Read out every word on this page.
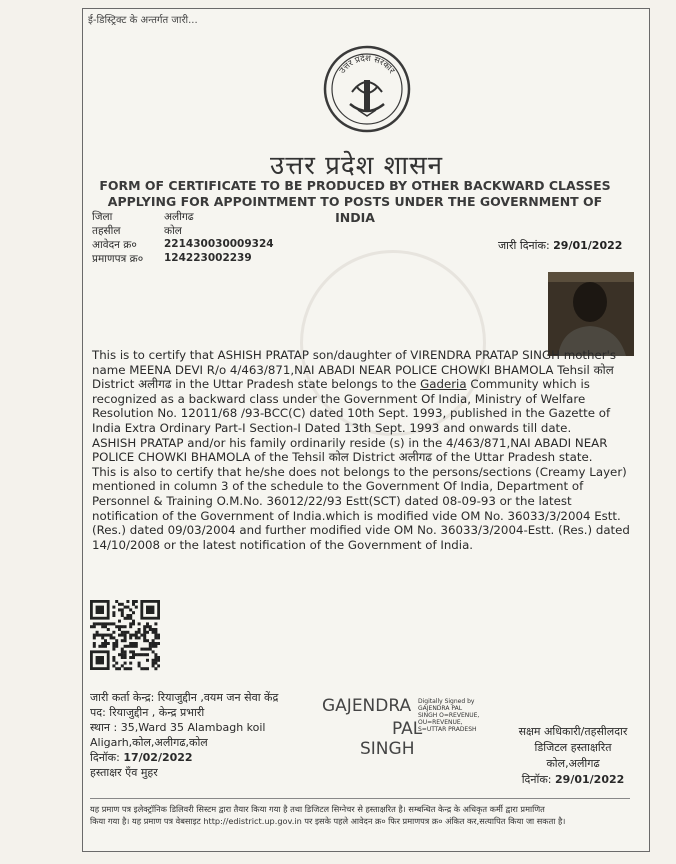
ई-डिस्ट्रिक्ट के अन्तर्गत जारी...
उत्तर प्रदेश सरकार
उत्तर प्रदेश शासन
FORM OF CERTIFICATE TO BE PRODUCED BY OTHER BACKWARD CLASSES
APPLYING FOR APPOINTMENT TO POSTS UNDER THE GOVERNMENT OF INDIA
जिला	अलीगढ
तहसील	कोल
आवेदन क्र०	221430030009324
प्रमाणपत्र क्र०	124223002239
जारी दिनांक: 29/01/2022

This is to certify that ASHISH PRATAP son/daughter of VIRENDRA PRATAP SINGH mother's name MEENA DEVI R/o 4/463/871,NAI ABADI NEAR POLICE CHOWKI BHAMOLA Tehsil कोल District अलीगढ in the Uttar Pradesh state belongs to the Gaderia Community which is recognized as a backward class under the Government Of India, Ministry of Welfare Resolution No. 12011/68 /93-BCC(C) dated 10th Sept. 1993, published in the Gazette of India Extra Ordinary Part-I Section-I Dated 13th Sept. 1993 and onwards till date.

ASHISH PRATAP and/or his family ordinarily reside (s) in the 4/463/871,NAI ABADI NEAR POLICE CHOWKI BHAMOLA of the Tehsil कोल District अलीगढ of the Uttar Pradesh state.

This is also to certify that he/she does not belongs to the persons/sections (Creamy Layer) mentioned in column 3 of the schedule to the Government Of India, Department of Personnel & Training O.M.No. 36012/22/93 Estt(SCT) dated 08-09-93 or the latest notification of the Government of India.which is modified vide OM No. 36033/3/2004 Estt.(Res.) dated 09/03/2004 and further modified vide OM No. 36033/3/2004-Estt. (Res.) dated 14/10/2008 or the latest notification of the Government of India.

जारी कर्ता केन्द्र: रियाजुद्दीन ,वयम जन सेवा केंद्र
पद: रियाजुद्दीन , केन्द्र प्रभारी
स्थान : 35,Ward 35 Alambagh koil
Aligarh,कोल,अलीगढ,कोल
दिनॉक: 17/02/2022
हस्ताक्षर एँव मुहर
GAJENDRA	Digitally Signed by
GAJENDRA PAL
SINGH O=REVENUE,
OU=REVENUE,
S=UTTAR PRADESH
PAL
SINGH
सक्षम अधिकारी/तहसीलदार
डिजिटल हस्ताक्षरित
कोल,अलीगढ
दिनॉक: 29/01/2022
यह प्रमाण पत्र इलेक्ट्रॉनिक डिलिवरी सिस्टम द्वारा तैयार किया गया है तथा डिजिटल सिग्नेचर से हस्ताक्षरित है। सम्बन्धित केन्द्र के अधिकृत कर्मी द्वारा प्रमाणित
किया गया है। यह प्रमाण पत्र वेबसाइट http://edistrict.up.gov.in पर इसके पहले आवेदन क्र० फिर प्रमाणपत्र क्र० अंकित कर,सत्यापित किया जा सकता है।
